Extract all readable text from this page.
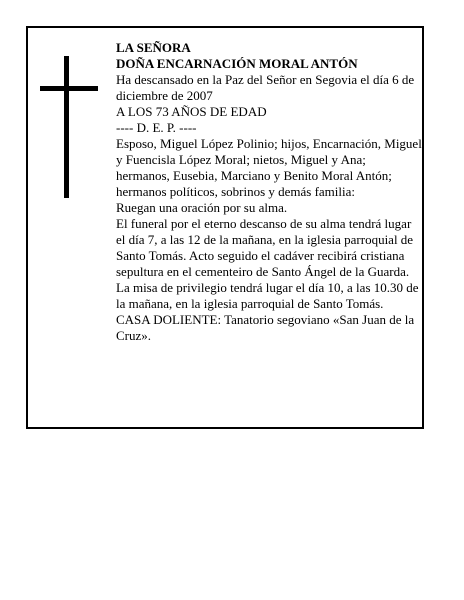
LA SEÑORA

DOÑA ENCARNACIÓN MORAL ANTÓN

Ha descansado en la Paz del Señor en Segovia el día 6 de diciembre de 2007

A LOS 73 AÑOS DE EDAD

---- D. E. P. ----

Esposo, Miguel López Polinio; hijos, Encarnación, Miguel y Fuencisla López Moral; nietos, Miguel y Ana; hermanos, Eusebia, Marciano y Benito Moral Antón; hermanos políticos, sobrinos y demás familia:

Ruegan una oración por su alma.

El funeral por el eterno descanso de su alma tendrá lugar el día 7, a las 12 de la mañana, en la iglesia parroquial de Santo Tomás. Acto seguido el cadáver recibirá cristiana sepultura en el cementeiro de Santo Ángel de la Guarda. La misa de privilegio tendrá lugar el día 10, a las 10.30 de la mañana, en la iglesia parroquial de Santo Tomás.

CASA DOLIENTE: Tanatorio segoviano «San Juan de la Cruz».
